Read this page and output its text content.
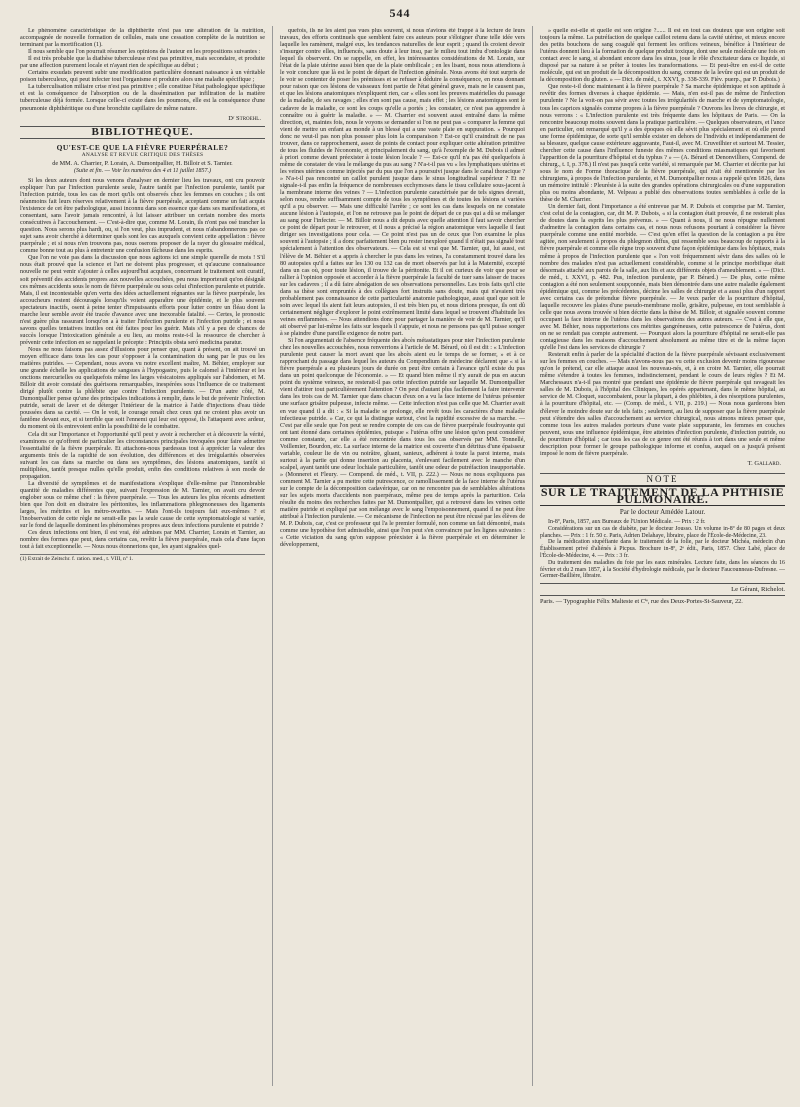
544

Le phénomène caractéristique de la diphthérite n'est pas une altération de la nutrition, accompagnée de nouvelle formation de cellules, mais une cessation complète de la nutrition se terminant par la mortification (1).

Il nous semble que l'on pourrait résumer les opinions de l'auteur en les propositions suivantes :

Il est très probable que la diathèse tuberculeuse n'est pas primitive, mais secondaire, et produite par une affection purement locale et n'ayant rien de spécifique au début ;

Certains exsudats peuvent subir une modification particulière donnant naissance à un véritable poison tuberculeux, qui peut infecter tout l'organisme et produire alors une maladie spécifique ;

La tuberculisation miliaire crise n'est pas primitive ; elle constitue l'état pathologique spécifique et est la conséquence de l'absorption ou de la dissémination par infiltration de la matière tuberculeuse déjà formée. Lorsque celle-ci existe dans les poumons, elle est la conséquence d'une pneumonie diphthéritique ou d'une bronchite capillaire de même nature.

Dʳ Stroehl.
BIBLIOTHÈQUE.
QU'EST-CE QUE LA FIÈVRE PUERPÉRALE?
ANALYSE ET REVUE CRITIQUE DES THÈSES
de MM. A. Charrier, P. Lorain, A. Dumontpallier, H. Billoir et S. Tarnier.
(Suite et fin. — Voir les numéros des 4 et 11 juillet 1857.)

Si les deux auteurs dont nous venons d'analyser en dernier lieu les travaux, ont cru pouvoir expliquer l'un par l'infection purulente seule, l'autre tantôt par l'infection purulente, tantôt par l'infection putride, tous les cas de mort qu'ils ont observés chez les femmes en couches ; ils ont néanmoins fait leurs réserves relativement à la fièvre puerpérale, acceptant comme un fait acquis l'existence de cet être pathologique, aussi inconnu dans son essence que dans ses manifestations, et consentant, sans l'avoir jamais rencontré, à lui laisser attribuer un certain nombre des morts consécutives à l'accouchement. — C'est-à-dire que, comme M. Lorain, ils n'ont pas osé trancher la question. Nous serons plus hardi, ou, si l'on veut, plus imprudent, et nous n'abandonnerons pas ce sujet sans avoir cherché à déterminer quels sont les cas auxquels convient cette appellation : fièvre puerpérale ; et si nous n'en trouvons pas, nous oserons proposer de la rayer du glossaire médical, comme bonne tout au plus à entretenir une confusion fâcheuse dans les esprits.

Que l'on ne voie pas dans la discussion que nous agitons ici une simple querelle de mots ! S'il nous était prouvé que la science et l'art ne doivent plus progresser, et qu'aucune connaissance nouvelle ne peut venir s'ajouter à celles aujourd'hui acquises, concernant le traitement soit curatif, soit préventif des accidents propres aux nouvelles accouchées, peu nous importerait qu'on désignât ces mêmes accidents sous le nom de fièvre puerpérale ou sous celui d'infection purulente et putride. Mais, il est incontestable qu'en vertu des idées actuellement régnantes sur la fièvre puerpérale, les accoucheurs restent découragés lorsqu'ils voient apparaître une épidémie, et le plus souvent spectateurs inactifs, osent à peine tenter d'impuissants efforts pour lutter contre un fléau dont la marche leur semble avoir été tracée d'avance avec une inexorable fatalité. — Certes, le pronostic n'est guère plus rassurant lorsqu'on a à traiter l'infection purulente et l'infection putride ; et nous savons quelles tentatives inutiles ont été faites pour les guérir. Mais s'il y a peu de chances de succès lorsque l'intoxication générale a eu lieu, au moins reste-t-il la ressource de chercher à prévenir cette infection en se rappelant le précepte : Principiis obsta seró medicina paratur.

Nous ne nous faisons pas assez d'illusions pour penser que, quant à présent, on ait trouvé un moyen efficace dans tous les cas pour s'opposer à la contamination du sang par le pus ou les matières putrides. — Cependant, nous avons vu notre excellent maître, M. Béhier, employer sur une grande échelle les applications de sangsues à l'hypogastre, puis le calomel à l'intérieur et les onctions mercurielles ou quelquefois même les larges vésicatoires appliqués sur l'abdomen, et M. Billoir dit avoir constaté des guérisons remarquables, inespérées sous l'influence de ce traitement dirigé plutôt contre la phlébite que contre l'infection purulente. — D'un autre côté, M. Dumontpallier pense qu'une des principales indications à remplir, dans le but de prévenir l'infection putride, serait de laver et de déterger l'intérieur de la matrice à l'aide d'injections d'eau tiède poussées dans sa cavité. — On le voit, le courage renaît chez ceux qui ne croient plus avoir un fantôme devant eux, et si terrible que soit l'ennemi qui leur est opposé, ils l'attaquent avec ardeur, du moment où ils entrevoient enfin la possibilité de le combattre.

Cela dit sur l'importance et l'opportunité qu'il peut y avoir à rechercher et à découvrir la vérité, examinons ce qu'offrent de particulier les circonstances principales invoquées pour faire admettre l'essentialité de la fièvre puerpérale. Et attachons-nous pardessus tout à apprécier la valeur des arguments tirés de la rapidité de son évolution, des différences et des irrégularités observées suivant les cas dans sa marche ou dans ses symptômes, des lésions anatomiques, tantôt si multipliées, tantôt presque nulles qu'elle produit, enfin des conditions relatives à son mode de propagation.

La diversité de symptômes et de manifestations s'explique d'elle-même par l'innombrable quantité de maladies différentes que, suivant l'expression de M. Tarnier, on avait cru devoir englober sous ce même chef : la fièvre puerpérale. — Tous les auteurs les plus récents admettent bien que l'on doit en distraire les péritonites, les inflammations phlegmoneuses des ligaments larges, les métrites et les métro-ovarites. — Mais l'ont-ils toujours fait eux-mêmes ? et l'inobservation de cette règle ne serait-elle pas la seule cause de cette symptomatologie si variée, sur le fond de laquelle dominent les phénomènes propres aux deux infections purulente et putride ?

Ces deux infections ont bien, il est vrai, été admises par MM. Charrier, Lorain et Tarnier, au nombre des formes que peut, dans certains cas, revêtir la fièvre puerpérale, mais cela d'une façon tout à fait exceptionnelle. — Nous nous étonnerions que, les ayant signalées quel-

(1) Extrait de Zeitschr. f. ration. med., t. VIII, nº 1.

quefois, ils ne les aient pas vues plus souvent, si nous n'avions été frappé à la lecture de leurs travaux, des efforts continuels que semblent faire ces auteurs pour s'éloigner d'une telle idée vers laquelle les ramènent, malgré eux, les tendances naturelles de leur esprit ; quand ils croient devoir s'insurger contre elles, influencés, sans doute à leur insu, par le milieu tout imbu d'ontologie dans lequel ils observent. On se rappelle, en effet, les intéressantes considérations de M. Lorain, sur l'état de la plaie utérine aussi bien que de la plaie ombilicale ; en les lisant, nous nous attendions à le voir conclure que là est le point de départ de l'infection générale. Nous avons été tout surpris de le voir se contenter de poser les prémisses et se refuser à déduire la conséquence, en nous donnant pour raison que ces lésions de vaisseaux font partie de l'état général grave, mais ne le causent pas, et que les lésions anatomiques n'expliquent rien, car « elles sont les preuves matérielles du passage de la maladie, de ses ravages ; elles n'en sont pas cause, mais effet ; les lésions anatomiques sont le cadavre de la maladie, ce sont les coups qu'elle a portés ; les constater, ce n'est pas apprendre à connaître ou à guérir la maladie. » — M. Charrier est souvent aussi entraîné dans la même direction, et, maintes fois, nous le voyons se demander si l'on ne peut pas « comparer la femme qui vient de mettre un enfant au monde à un blessé qui a une vaste plaie en suppuration. » Pourquoi donc ne veut-il pas non plus pousser plus loin la comparaison ? Est-ce qu'il craindrait de ne pas trouver, dans ce rapprochement, assez de points de contact pour expliquer cette altération primitive de tous les fluides de l'économie, et principalement du sang, qu'à l'exemple de M. Dubois il admet à priori comme devant préexister à toute lésion locale ? — Est-ce qu'il n'a pas été quelquefois à même de constater de visu le mélange du pus au sang ? N'a-t-il pas vu « les lymphatiques utérins et les veines utérines comme injectés par du pus que l'on a poursuivi jusque dans le canal thoracique ? » N'a-t-il pas rencontré un caillot purulent jusque dans le sinus longitudinal supérieur ? Et ne signale-t-il pas enfin la fréquence de nombreuses ecchymoses dans le tissu cellulaire sous-jacent à la membrane interne des veines ? — L'infection purulente caractérisée par de tels signes devrait, selon nous, rendre suffisamment compte de tous les symptômes et de toutes les lésions si variées qu'il a pu observer. — Mais une difficulté l'arrête ; ce sont les cas dans lesquels on ne constate aucune lésion à l'autopsie, et l'on ne retrouve pas le point de départ de ce pus qui a dû se mélanger au sang pour l'infecter. — M. Billoir nous a dit depuis avec quelle attention il faut savoir chercher ce point de départ pour le retrouver, et il nous a précisé la région anatomique vers laquelle il faut diriger ses investigations pour cela. — Ce point n'est pas un de ceux que l'on examine le plus souvent à l'autopsie ; il a donc parfaitement bien pu rester inexploré quand il n'était pas signalé tout spécialement à l'attention des observateurs. — Cela est si vrai que M. Tarnier, qui, lui aussi, est l'élève de M. Béhier et a appris à chercher le pus dans les veines, l'a constamment trouvé dans les 80 autopsies qu'il a faites sur les 130 ou 132 cas de mort observés par lui à la Maternité, excepté dans un cas où, pour toute lésion, il trouve de la péritonite. Et il cet curieux de voir que pour se rallier à l'opinion opposée et accorder à la fièvre puerpérale la faculté de tuer sans laisser de traces sur les cadavres ; il a dû faire abnégation de ses observations personnelles. Les trois faits qu'il cite dans sa thèse sont empruntés à des collègues fort instruits sans doute, mais qui n'avaient très probablement pas connaissance de cette particularité anatomie pathologique, aussi quel que soit le soin avec lequel ils aient fait leurs autopsies, il est très bien pu, et nous dirions presque, ils ont dû certainement négliger d'explorer le point extrêmement limité dans lequel se trouvent d'habitude les veines enflammées. — Nous attendions donc pour partager la manière de voir de M. Tarnier, qu'il ait observé par lui-même les faits sur lesquels il s'appuie, et nous ne pensons pas qu'il puisse songer à se plaindre d'une pareille exigence de notre part.

Si l'on argumentait de l'absence fréquente des abcès métastatiques pour nier l'infection purulente chez les nouvelles accouchées, nous renverrions à l'article de M. Bérard, où il est dit : « L'infection purulente peut causer la mort avant que les abcès aient eu le temps de se former, » et à ce rapprochant du passage dans lequel les auteurs du Compendium de médecine déclarent que « si la fièvre puerpérale a eu plusieurs jours de durée on peut être certain à l'avance qu'il existe du pus dans un point quelconque de l'économie. » — Et quand bien même il n'y aurait de pus en aucun point du système veineux, ne resterait-il pas cette infection putride sur laquelle M. Dumontpallier vient d'attirer tout particulièrement l'attention ? On peut d'autant plus facilement la faire intervenir dans les trois cas de M. Tarnier que dans chacun d'eux on a vu la face interne de l'utérus présenter une surface grisâtre pulpeuse, infecte même. — Cette infection n'est pas celle que M. Charrier avait en vue quand il a dit : « Si la maladie se prolonge, elle revêt tous les caractères d'une maladie infectieuse putride. » Car, ce qui la distingue surtout, c'est la rapidité excessive de sa marche. — C'est par elle seule que l'on peut se rendre compte de ces cas de fièvre puerpérale foudroyante qui ont tant étonné dans certaines épidémies, puisque « l'utérus offre une lésion qu'on peut considérer comme constante, car elle a été rencontrée dans tous les cas observés par MM. Tonnellé, Voillemier, Bourdon, etc. La surface interne de la matrice est couverte d'un détritus d'une épaisseur variable, couleur lie de vin ou noirâtre, gluant, sanieux, adhérent à toute la paroi interne, mais surtout à la partie qui donne insertion au placenta, s'enlevant facilement avec le manche d'un scalpel, ayant tantôt une odeur lochiale particulière, tantôt une odeur de putréfaction insupportable. » (Monneret et Fleury. — Compend. de méd., t. VII, p. 222.) — Nous ne nous expliquons pas comment M. Tarnier a pu mettre cette putrescence, ce ramollissement de la face interne de l'utérus sur le compte de la décomposition cadavérique, car on ne rencontre pas de semblables altérations sur les sujets morts d'accidents non puerpéraux, même peu de temps après la parturition. Cela résulte du moins des recherches faites par M. Dumontpallier, qui a retrouvé dans les veines cette matière putride et expliqué par son mélange avec le sang l'empoisonnement, quand il ne peut être attribué à l'infection purulente. — Ce mécanisme de l'infection ne peut être récusé par les élèves de M. P. Dubois, car, c'est ce professeur qui l'a le premier formulé, non comme un fait démontré, mais comme une hypothèse fort admissible, ainsi que l'on peut s'en convaincre par les lignes suivantes : « Cette viciation du sang qu'on suppose préexister à la fièvre puerpérale et en déterminer le développement,

» quelle est-elle et quelle est son origine ?...... Il est en tout cas douteux que son origine soit toujours la même. La putréfaction de quelque caillot retenu dans la cavité utérine, et mieux encore des petits bouchons de sang coagulé qui ferment les orifices veineux, bénéfice à l'intérieur de l'utérus donnent lieu à la formation de quelque produit toxique, dont une seule molécule une fois en contact avec le sang, si abondant encore dans les sinus, joue le rôle d'excitateur dans ce liquide, si disposé par sa nature à se prêter à toutes les transformations. — Et peut-être en est-il de cette molécule, qui est un produit de la décomposition du sang, comme de la levûre qui est un produit de la décomposition du gluten. » — Dict. de méd., t. XXVI, p. 338-339. Fièv. puerp., par P. Dubois.)

Que reste-t-il donc maintenant à la fièvre puerpérale ? Sa marche épidémique et son aptitude à revêtir des formes diverses à chaque épidémie. — Mais, n'en est-il pas de même de l'infection purulente ? Ne la voit-on pas sévir avec toutes les irrégularités de marche et de symptomatologie, tous les caprices signalés comme propres à la fièvre puerpérale ? Ouvrons les livres de chirurgie, et nous verrons : « L'infection purulente est très fréquente dans les hôpitaux de Paris. — On la rencontre beaucoup moins souvent dans la pratique particulière. — Quelques observateurs, et l'ance en particulier, ont remarqué qu'il y a des époques où elle sévit plus spécialement et où elle prend une forme épidémique, de sorte qu'il semble exister en dehors de l'individu et indépendamment de sa blessure, quelque cause extérieure aggravante, Faut-il, avec M. Cruveilhier et surtout M. Tessier, chercher cette cause dans l'influence funeste des mêmes conditions miasmatiques qui favorisent l'apparition de la pourriture d'hôpital et du typhus ? » — (A. Bérard et Denonvilliers, Compend. de chirurg., t. I, p. 378.) Il n'est pas jusqu'à cette variété, si remarquée par M. Charrier et décrite par lui sous le nom de Forme thoracique de la fièvre puerpérale, qui n'ait été mentionnée par les chirurgiens, à propos de l'infection purulente, et M. Dumontpallier nous a rappelé qu'en 1826, dans un mémoire intitulé : Pleurésie à la suite des grandes opérations chirurgicales ou d'une suppuration plus ou moins abondante, M. Velpeau a publié des observations toutes semblables à celle de la thèse de M. Charrier.

Un dernier fait, dont l'importance a été entrevue par M. P. Dubois et comprise par M. Tarnier, c'est celui de la contagion, car, dit M. P. Dubois, « si la contagion était prouvée, il ne resterait plus de doutes dans la esprits les plus prévenus. » — Quant à nous, il ne nous répugne nullement d'admettre la contagion dans certains cas, et nous nous refusons pourtant à considérer la fièvre puerpérale comme une entité morbide. — C'est qu'en effet la question de la contagion a pu être agitée, non seulement à propos du phlegmon diffus, qui ressemble sous beaucoup de rapports à la fièvre puerpérale et comme elle règne trop souvent d'une façon épidémique dans les hôpitaux, mais même à propos de l'infection purulente que « l'on voit fréquemment sévir dans des salles où le nombre des malades n'est pas actuellement considérable, comme si le principe morbifique était désormais attaché aux parois de la salle, aux lits et aux différents objets d'ameublement. » — (Dict. de méd., t. XXVI, p. 482. Pus, infection purulente, par P. Bérard.) — De plus, cette même contagion a été non seulement soupçonnée, mais bien démontrée dans une autre maladie également épidémique qui, comme les précédentes, décime les salles de chirurgie et a aussi plus d'un rapport avec certains cas de prétendue fièvre puerpérale. — Je veux parler de la pourriture d'hôpital, laquelle recouvre les plaies d'une pseudo-membrane molle, grisâtre, pulpeuse, en tout semblable à celle que nous avons trouvée si bien décrite dans la thèse de M. Billoir, et signalée souvent comme occupant la face interne de l'utérus dans les observations des autres auteurs. — C'est à elle que, avec M. Béhier, nous rapporterions ces métrites gangréneuses, cette putrescence de l'utérus, dont on ne se rendait pas compte autrement. — Pourquoi alors la pourriture d'hôpital ne serait-elle pas contagieuse dans les maisons d'accouchement absolument au même titre et de la même façon qu'elle l'est dans les services de chirurgie ?

Resterait enfin à parler de la spécialité d'action de la fièvre puerpérale sévissant exclusivement sur les femmes en couches. — Mais n'avons-nous pas vu cette exclusion devenir moins rigoureuse qu'on le prétend, car elle attaque aussi les nouveau-nés, et, à en croire M. Tarnier, elle pourrait même s'étendre à toutes les femmes, indistinctement, pendant le cours de leurs règles ? Et M. Marchessaux n'a-t-il pas montré que pendant une épidémie de fièvre puerpérale qui ravageait les salles de M. Dubois, à l'hôpital des Cliniques, les opérés appartenant, dans le même hôpital, au service de M. Cloquet, succombaient, pour la plupart, à des phlébites, à des résorptions purulentes, à la pourriture d'hôpital, etc. — (Comp. de méd., t. VII, p. 219.) — Nous nous garderons bien d'élever le moindre doute sur de tels faits ; seulement, au lieu de supposer que la fièvre puerpérale peut s'étendre des salles d'accouchement au service chirurgical, nous aimons mieux penser que, comme tous les autres malades porteurs d'une vaste plaie suppurante, les femmes en couches peuvent, sous une influence épidémique, être atteintes d'infection purulente, d'infection putride, ou de pourriture d'hôpital ; car tous les cas de ce genre ont été réunis à tort dans une seule et même description pour former le groupe pathologique informe et confus, auquel on a jusqu'à présent imposé le nom de fièvre puerpérale.

T. Gallard.
NOTE
SUR LE TRAITEMENT DE LA PHTHISIE PULMONAIRE.
Par le docteur Amédée Latour.

In-8º, Paris, 1857, aux Bureaux de l'Union Médicale. — Prix : 2 fr.

Considérations sur un cas de diabète, par le docteur Jousso. Un volume in-8º de 80 pages et deux planches. — Prix : 1 fr. 50 c. Paris, Adrien Delahaye, libraire, place de l'École-de-Médecine, 23.

De la médication stupéfiante dans le traitement de la folie, par le docteur Michéa, médecin d'un Établissement privé d'aliénés à Picpus. Brochure in-8º, 2ᵉ édit., Paris, 1857. Chez Labé, place de l'École-de-Médecine, 4. — Prix : 3 fr.

Du traitement des maladies du foie par les eaux minérales. Lecture faite, dans les séances du 16 février et du 2 mars 1857, à la Société d'hydrologie médicale, par le docteur Faucounneau-Dufresne. — Germer-Baillière, libraire.

Le Gérant, Richelot.
Paris. — Typographie Félix Malteste et Cⁱᵉ, rue des Deux-Portes-St-Sauveur, 22.
